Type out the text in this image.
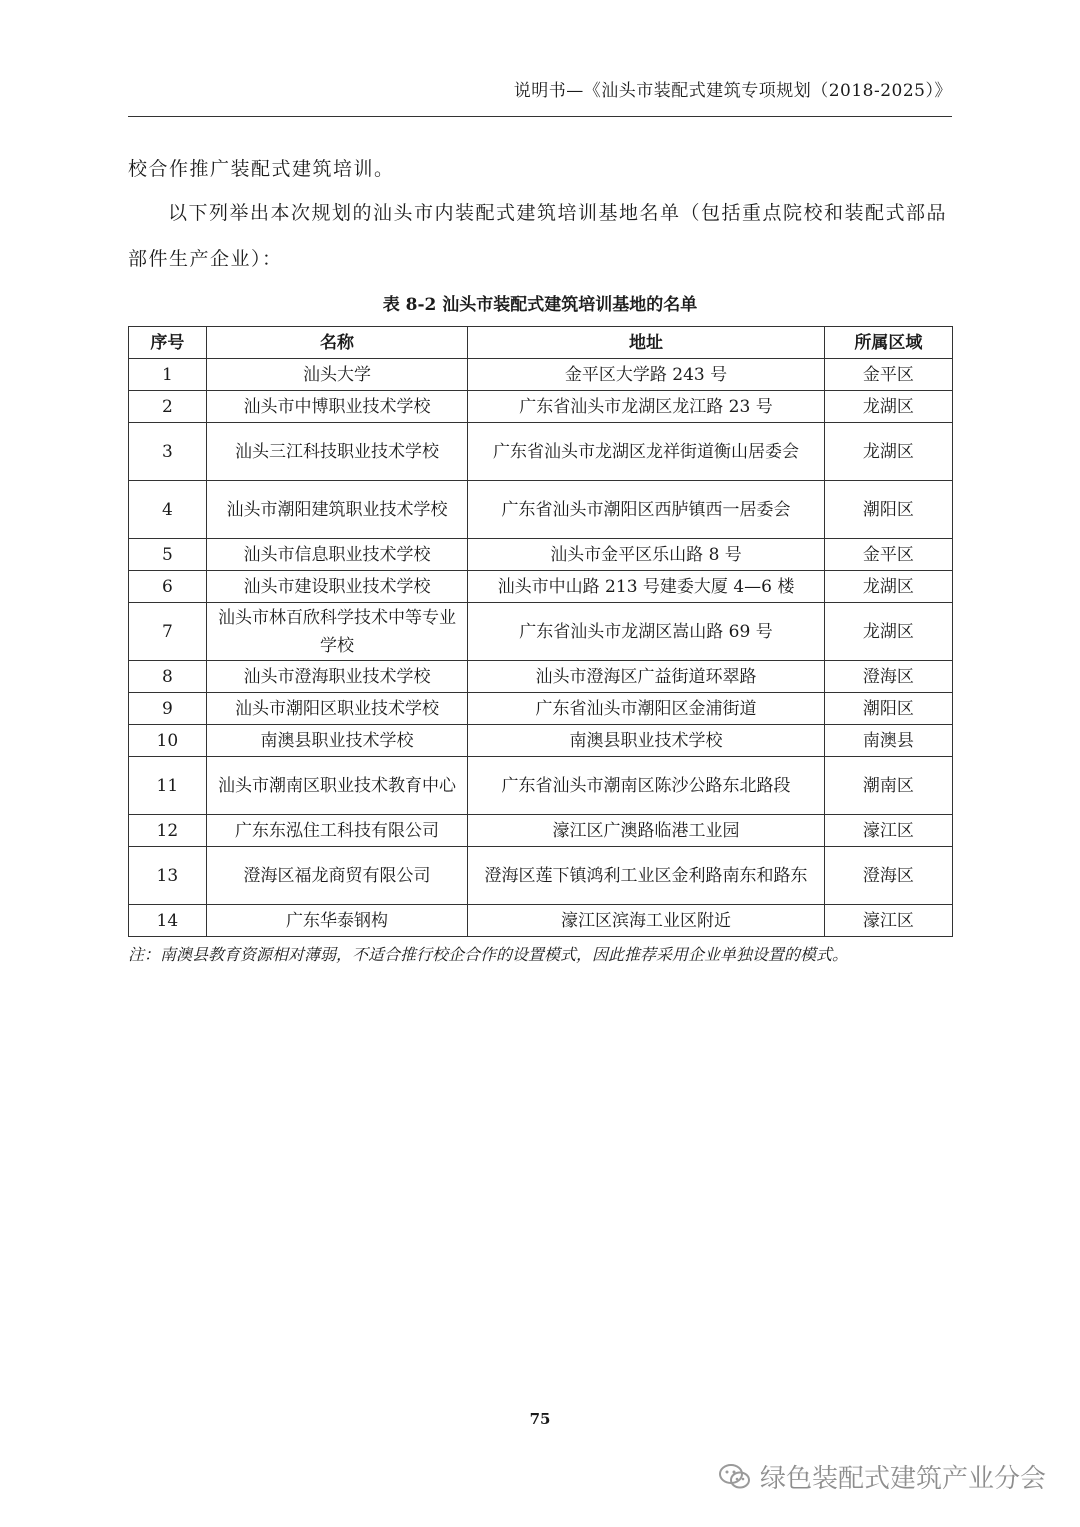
说明书—《汕头市装配式建筑专项规划（2018-2025）》
校合作推广装配式建筑培训。
以下列举出本次规划的汕头市内装配式建筑培训基地名单（包括重点院校和装配式部品部件生产企业）：
表 8-2 汕头市装配式建筑培训基地的名单
序号	名称	地址	所属区域
1	汕头大学	金平区大学路 243 号	金平区
2	汕头市中博职业技术学校	广东省汕头市龙湖区龙江路 23 号	龙湖区
3	汕头三江科技职业技术学校	广东省汕头市龙湖区龙祥街道衡山居委会	龙湖区
4	汕头市潮阳建筑职业技术学校	广东省汕头市潮阳区西胪镇西一居委会	潮阳区
5	汕头市信息职业技术学校	汕头市金平区乐山路 8 号	金平区
6	汕头市建设职业技术学校	汕头市中山路 213 号建委大厦 4—6 楼	龙湖区
7	汕头市林百欣科学技术中等专业学校	广东省汕头市龙湖区嵩山路 69 号	龙湖区
8	汕头市澄海职业技术学校	汕头市澄海区广益街道环翠路	澄海区
9	汕头市潮阳区职业技术学校	广东省汕头市潮阳区金浦街道	潮阳区
10	南澳县职业技术学校	南澳县职业技术学校	南澳县
11	汕头市潮南区职业技术教育中心	广东省汕头市潮南区陈沙公路东北路段	潮南区
12	广东东泓住工科技有限公司	濠江区广澳路临港工业园	濠江区
13	澄海区福龙商贸有限公司	澄海区莲下镇鸿利工业区金利路南东和路东	澄海区
14	广东华泰钢构	濠江区滨海工业区附近	濠江区
注：南澳县教育资源相对薄弱，不适合推行校企合作的设置模式，因此推荐采用企业单独设置的模式。
75
绿色装配式建筑产业分会
